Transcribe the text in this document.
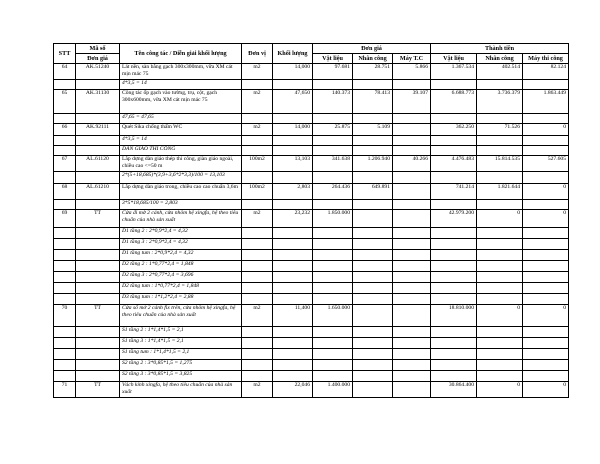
STT	Mã số	Tên công tác / Diễn giải khối lượng	Đơn vị	Khối lượng	Đơn giá			Thành tiền		
	Đơn giá				Vật liệu	Nhân công	Máy T.C	Vật liệu	Nhân công	Máy thi công
64	AK.51240	Lát nền, sàn bằng gạch 300x300mm, vữa XM cát mịn mác 75	m2	14,000	97.681	28.751	5.866	1.367.534	402.514	82.124
		4*3,5 = 14								
65	AK.31130	Công tác ốp gạch vào tường, trụ, cột, gạch 300x600mm, vữa XM cát mịn mác 75	m2	47,650	140.373	78.413	39.107	6.688.773	3.736.379	1.863.449
		47,65 = 47,65								
66	AK.92111	Quét Sika chống thấm WC	m2	14,000	25.875	5.109		362.250	71.526	0
		4*3,5 = 14								
		DÀN GIÁO THI CÔNG								
67	AL.61120	Lắp dựng dàn giáo thép thi công, giàn giáo ngoài, chiều cao <=50 m	100m2	13,103	341.638	1.206.940	40.266	4.476.483	15.814.535	527.605
		2*(5+18,685)*(3,9+3,6*2*3,3)/100 = 13,103								
68	AL.61210	Lắp dựng dàn giáo trong, chiều cao cao chuẩn 3,6m	100m2	2,803	264.436	649.891		741.214	1.821.644	0
		3*5*18,685/100 = 2,803								
69	TT	Cửa đi mở 2 cánh, cửa nhôm hệ xingfa, hệ theo tiêu chuẩn của nhà sản xuất	m2	23,232	1.850.000			42.979.200	0	0
		D1 tầng 2 : 2*0,9*2,4 = 4,32								
		D1 tầng 3 : 2*0,9*2,4 = 4,32								
		D1 tầng tum : 2*0,9*2,4 = 4,32								
		D2 tầng 2 : 1*0,77*2,4 = 1,848								
		D2 tầng 3 : 2*0,77*2,4 = 3,696								
		D2 tầng tum : 1*0,77*2,4 = 1,848								
		D3 tầng tum : 1*1,2*2,4 = 2,88								
70	TT	Cửa sổ mở 2 cánh fix trên, cửa nhôm hệ xingfa, hệ theo tiêu chuẩn của nhà sản xuất	m2	11,400	1.650.000			18.810.000	0	0
		S1 tầng 2 : 1*1,4*1,5 = 2,1								
		S1 tầng 3 : 1*1,4*1,5 = 2,1								
		S1 tầng tum : 1*1,4*1,5 = 2,1								
		S2 tầng 2 : 3*0,85*1,5 = 1,275								
		S2 tầng 3 : 3*0,85*1,5 = 3,825								
71	TT	Vách kính xingfa, hệ theo tiêu chuẩn của nhà sản xuất	m2	22,046	1.400.000			30.864.400	0	0
